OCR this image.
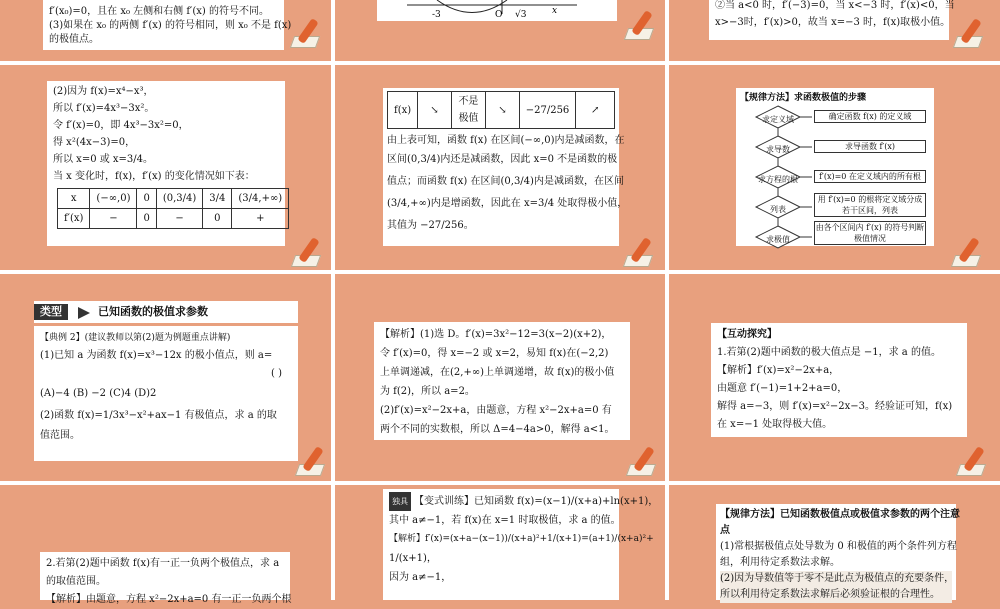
f′(x₀)=0，且在 x₀ 左侧和右侧 f′(x) 的符号不同。

(3)如果在 x₀ 的两侧 f′(x) 的符号相同，则 x₀ 不是 f(x)

的极值点。

-3	O √3	x	②当 a<0 时，f′(−3)=0，当 x<−3 时，f′(x)<0，当

x>−3时，f′(x)>0，故当 x=−3 时，f(x)取极小值。

(2)因为 f(x)=x⁴−x³，

所以 f′(x)=4x³−3x²。

令 f′(x)=0，即 4x³−3x²=0，

得 x²(4x−3)=0，

所以 x=0 或 x=3/4。

当 x 变化时，f(x)，f′(x) 的变化情况如下表：

x	(−∞,0)	0	(0,3/4)	3/4	(3/4,+∞)
f′(x)	−	0	−	0	+
f(x)	↘	不是极值	↘	−27/256	↗

由上表可知，函数 f(x) 在区间(−∞,0)内是减函数，在

区间(0,3/4)内还是减函数，因此 x=0 不是函数的极

值点；而函数 f(x) 在区间(0,3/4)内是减函数，在区间

(3/4,+∞)内是增函数，因此在 x=3/4 处取得极小值，

其值为 −27/256。

【规律方法】求函数极值的步骤

求定义域
求导数
求方程的根
列表
求极值
确定函数 f(x) 的定义域
求导函数 f′(x)
f′(x)=0 在定义域内的所有根
用 f′(x)=0 的根将定义域分成若干区间，列表
由各个区间内 f′(x) 的符号判断极值情况
类型	已知函数的极值求参数

【典例 2】(建议教师以第(2)题为例题重点讲解)

(1)已知 a 为函数 f(x)=x³−12x 的极小值点，则 a=

( )

(A)−4 (B) −2 (C)4 (D)2

(2)函数 f(x)=1/3x³−x²+ax−1 有极值点，求 a 的取

值范围。

【解析】(1)选 D。f′(x)=3x²−12=3(x−2)(x+2)，

令 f′(x)=0，得 x=−2 或 x=2，易知 f(x)在(−2,2)

上单调递减，在(2,+∞)上单调递增，故 f(x)的极小值

为 f(2)，所以 a=2。

(2)f′(x)=x²−2x+a，由题意，方程 x²−2x+a=0 有

两个不同的实数根，所以 Δ=4−4a>0，解得 a<1。

【互动探究】

1.若第(2)题中函数的极大值点是 −1，求 a 的值。

【解析】f′(x)=x²−2x+a，

由题意 f′(−1)=1+2+a=0，

解得 a=−3，则 f′(x)=x²−2x−3。经验证可知，f(x)

在 x=−1 处取得极大值。

2.若第(2)题中函数 f(x)有一正一负两个极值点，求 a

的取值范围。

【解析】由题意，方程 x²−2x+a=0 有一正一负两个根

独具 【变式训练】已知函数 f(x)=(x−1)/(x+a)+ln(x+1)，

其中 a≠−1，若 f(x)在 x=1 时取极值，求 a 的值。

【解析】f′(x)=(x+a−(x−1))/(x+a)²+1/(x+1)=(a+1)/(x+a)²+

1/(x+1)，

因为 a≠−1，

【规律方法】已知函数极值点或极值求参数的两个注意

点

(1)常根据极值点处导数为 0 和极值的两个条件列方程

组，利用待定系数法求解。

(2)因为导数值等于零不是此点为极值点的充要条件，

所以利用待定系数法求解后必须验证根的合理性。
